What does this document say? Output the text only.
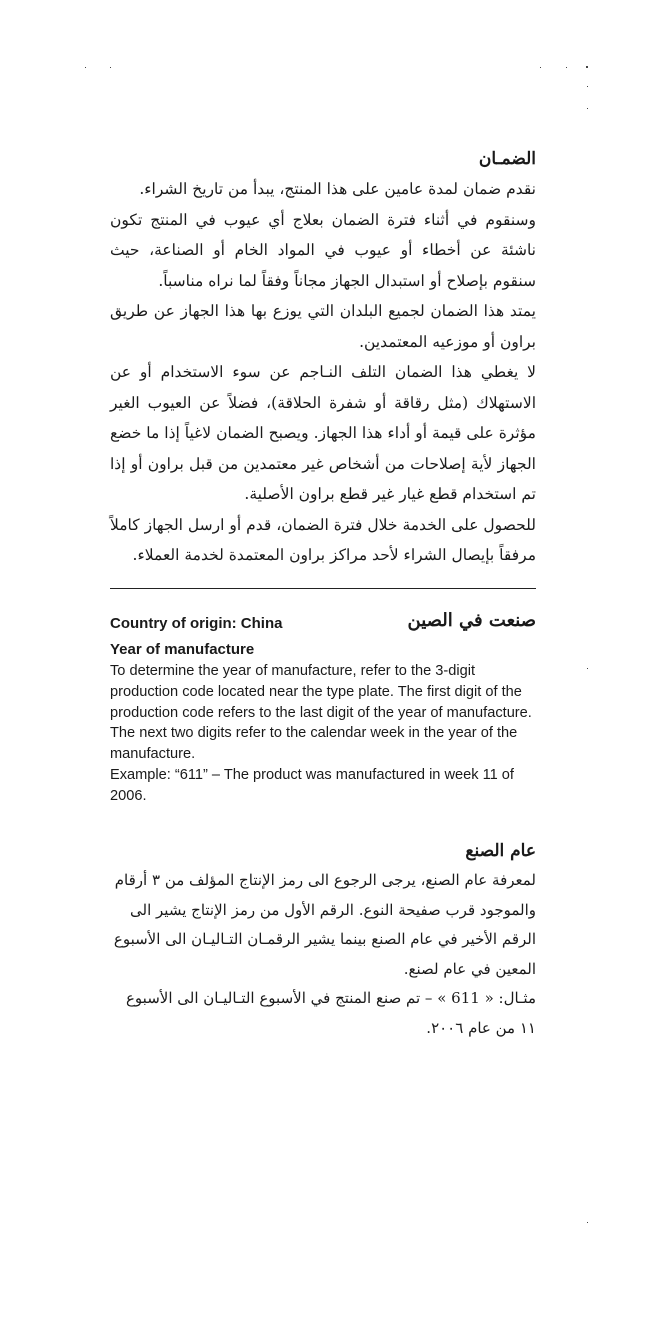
الضمـان

نقدم ضمان لمدة عامين على هذا المنتج، يبدأ من تاريخ الشراء.

وسنقوم في أثناء فترة الضمان بعلاج أي عيوب في المنتج تكون ناشئة عن أخطاء أو عيوب في المواد الخام أو الصناعة، حيث سنقوم بإصلاح أو استبدال الجهاز مجاناً وفقاً لما نراه مناسباً.

يمتد هذا الضمان لجميع البلدان التي يوزع بها هذا الجهاز عن طريق براون أو موزعيه المعتمدين.

لا يغطي هذا الضمان التلف النـاجم عن سوء الاستخدام أو عن الاستهلاك (مثل رقاقة أو شفرة الحلاقة)، فضلاً عن العيوب الغير مؤثرة على قيمة أو أداء هذا الجهاز. ويصبح الضمان لاغياً إذا ما خضع الجهاز لأية إصلاحات من أشخاص غير معتمدين من قبل براون أو إذا تم استخدام قطع غيار غير قطع براون الأصلية.

للحصول على الخدمة خلال فترة الضمان، قدم أو ارسل الجهاز كاملاً مرفقاً بإيصال الشراء لأحد مراكز براون المعتمدة لخدمة العملاء.

Country of origin: China	صنعت في الصين
Year of manufacture

To determine the year of manufacture, refer to the 3-digit production code located near the type plate. The first digit of the production code refers to the last digit of the year of manufacture. The next two digits refer to the calendar week in the year of the manufacture.

Example: “611” – The product was manufactured in week 11 of 2006.

عام الصنع

لمعرفة عام الصنع، يرجى الرجوع الى رمز الإنتاج المؤلف من ٣ أرقام والموجود قرب صفيحة النوع. الرقم الأول من رمز الإنتاج يشير الى الرقم الأخير في عام الصنع بينما يشير الرقمـان التـاليـان الى الأسبوع المعين في عام لصنع.

مثـال: « 611 » – تم صنع المنتج في الأسبوع التـاليـان الى الأسبوع ١١ من عام ٢٠٠٦.
